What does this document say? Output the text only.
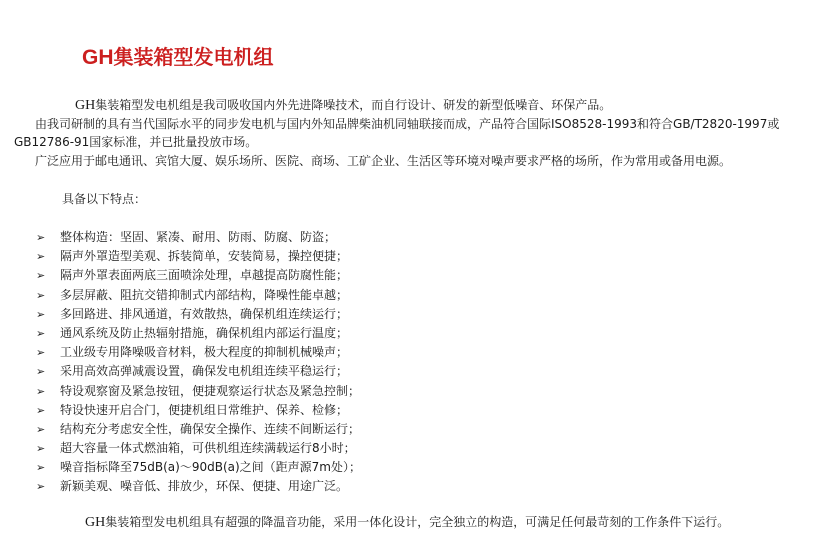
GH集装箱型发电机组

GH集装箱型发电机组是我司吸收国内外先进降噪技术，而自行设计、研发的新型低噪音、环保产品。

由我司研制的具有当代国际水平的同步发电机与国内外知品牌柴油机同轴联接而成，产品符合国际ISO8528-1993和符合GB/T2820-1997或

GB12786-91国家标准，并已批量投放市场。

广泛应用于邮电通讯、宾馆大厦、娱乐场所、医院、商场、工矿企业、生活区等环境对噪声要求严格的场所，作为常用或备用电源。

具备以下特点：

➢	整体构造：坚固、紧凑、耐用、防雨、防腐、防盗；
➢	隔声外罩造型美观、拆装简单，安装简易，操控便捷；
➢	隔声外罩表面两底三面喷涂处理，卓越提高防腐性能；
➢	多层屏蔽、阻抗交错抑制式内部结构，降噪性能卓越；
➢	多回路进、排风通道，有效散热，确保机组连续运行；
➢	通风系统及防止热辐射措施，确保机组内部运行温度；
➢	工业级专用降噪吸音材料，极大程度的抑制机械噪声；
➢	采用高效高弹减震设置，确保发电机组连续平稳运行；
➢	特设观察窗及紧急按钮，便捷观察运行状态及紧急控制；
➢	特设快速开启合门，便捷机组日常维护、保养、检修；
➢	结构充分考虑安全性，确保安全操作、连续不间断运行；
➢	超大容量一体式燃油箱，可供机组连续满载运行8小时；
➢	噪音指标降至75dB(a)～90dB(a)之间（距声源7m处）；
➢	新颖美观、噪音低、排放少，环保、便捷、用途广泛。

GH集装箱型发电机组具有超强的降温音功能，采用一体化设计，完全独立的构造，可满足任何最苛刻的工作条件下运行。
